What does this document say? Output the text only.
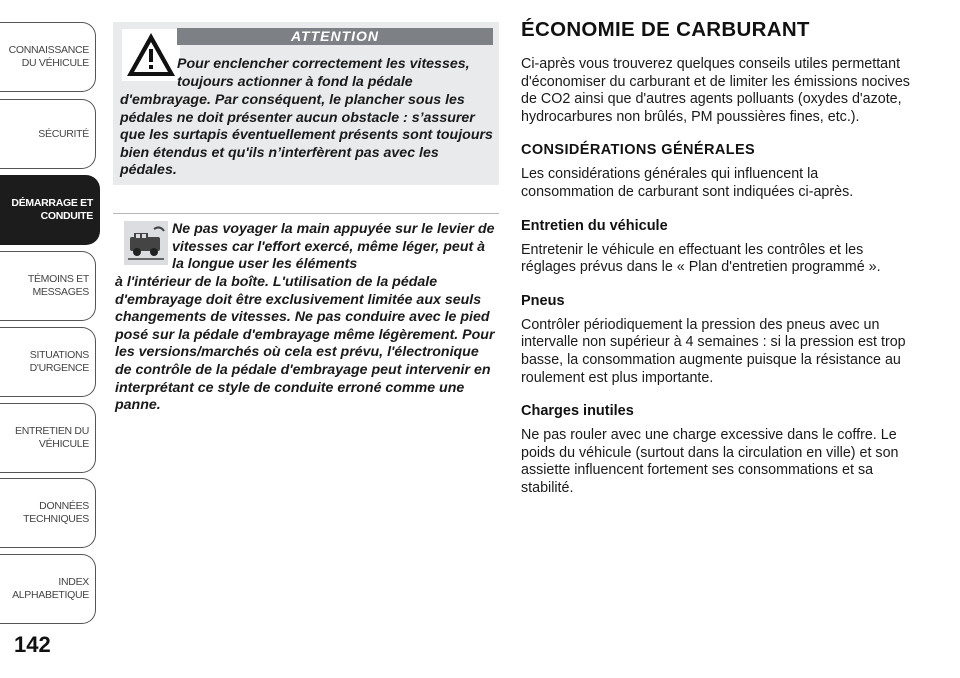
CONNAISSANCE
DU VÉHICULE
SÉCURITÉ
DÉMARRAGE ET
CONDUITE
TÉMOINS ET
MESSAGES
SITUATIONS
D'URGENCE
ENTRETIEN DU
VÉHICULE
DONNÉES
TECHNIQUES
INDEX
ALPHABETIQUE
142
ATTENTION
Pour enclencher correctement les vitesses, toujours actionner à fond la pédale
d'embrayage. Par conséquent, le plancher sous les pédales ne doit présenter aucun obstacle : s’assurer que les surtapis éventuellement présents sont toujours bien étendus et qu'ils n’interfèrent pas avec les pédales.
Ne pas voyager la main appuyée sur le levier de vitesses car l'effort exercé, même léger, peut à la longue user les éléments
à l'intérieur de la boîte. L'utilisation de la pédale d'embrayage doit être exclusivement limitée aux seuls changements de vitesses. Ne pas conduire avec le pied posé sur la pédale d'embrayage même légèrement. Pour les versions/marchés où cela est prévu, l'électronique de contrôle de la pédale d'embrayage peut intervenir en interprétant ce style de conduite erroné comme une panne.
ÉCONOMIE DE CARBURANT
Ci-après vous trouverez quelques conseils utiles permettant d'économiser du carburant et de limiter les émissions nocives de CO2 ainsi que d'autres agents polluants (oxydes d'azote, hydrocarbures non brûlés, PM poussières fines, etc.).
CONSIDÉRATIONS GÉNÉRALES
Les considérations générales qui influencent la consommation de carburant sont indiquées ci-après.
Entretien du véhicule
Entretenir le véhicule en effectuant les contrôles et les réglages prévus dans le « Plan d'entretien programmé ».
Pneus
Contrôler périodiquement la pression des pneus avec un intervalle non supérieur à 4 semaines : si la pression est trop basse, la consommation augmente puisque la résistance au roulement est plus importante.
Charges inutiles
Ne pas rouler avec une charge excessive dans le coffre. Le poids du véhicule (surtout dans la circulation en ville) et son assiette influencent fortement ses consommations et sa stabilité.
